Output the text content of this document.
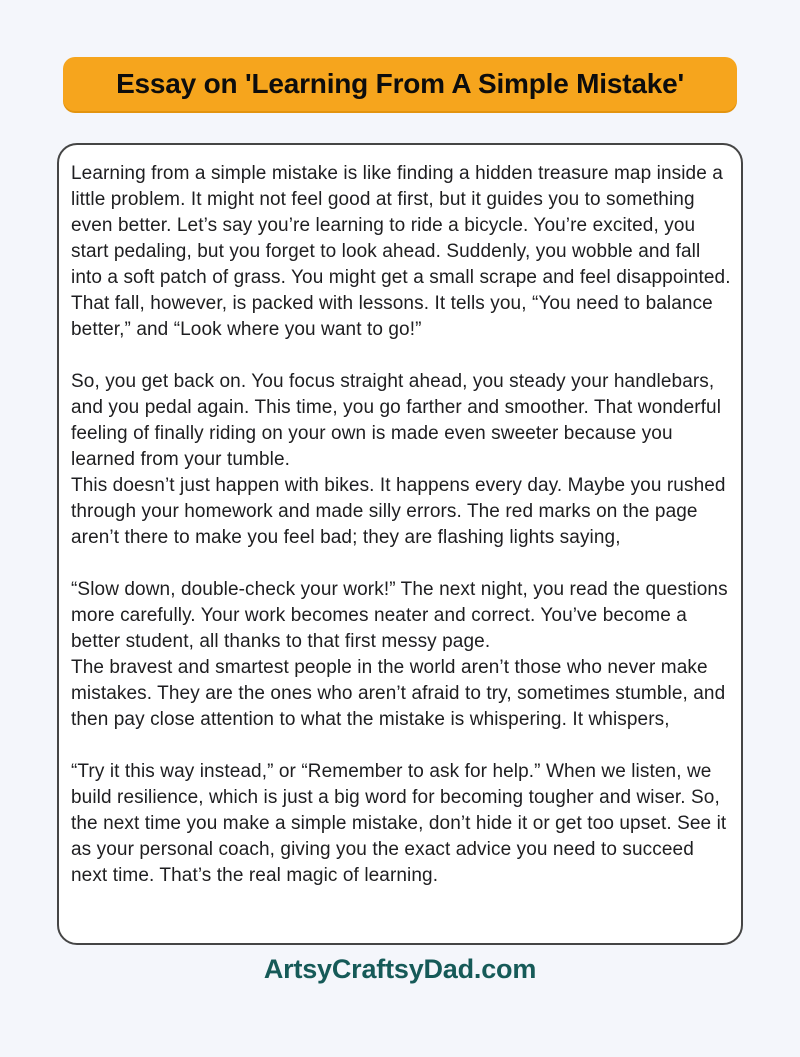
Essay on 'Learning From A Simple Mistake'

Learning from a simple mistake is like finding a hidden treasure map inside a little problem. It might not feel good at first, but it guides you to something even better. Let’s say you’re learning to ride a bicycle. You’re excited, you start pedaling, but you forget to look ahead. Suddenly, you wobble and fall into a soft patch of grass. You might get a small scrape and feel disappointed. That fall, however, is packed with lessons. It tells you, “You need to balance better,” and “Look where you want to go!”

So, you get back on. You focus straight ahead, you steady your handlebars, and you pedal again. This time, you go farther and smoother. That wonderful feeling of finally riding on your own is made even sweeter because you learned from your tumble.

This doesn’t just happen with bikes. It happens every day. Maybe you rushed through your homework and made silly errors. The red marks on the page aren’t there to make you feel bad; they are flashing lights saying,

“Slow down, double-check your work!” The next night, you read the questions more carefully. Your work becomes neater and correct. You’ve become a better student, all thanks to that first messy page.

The bravest and smartest people in the world aren’t those who never make mistakes. They are the ones who aren’t afraid to try, sometimes stumble, and then pay close attention to what the mistake is whispering. It whispers,

“Try it this way instead,” or “Remember to ask for help.” When we listen, we build resilience, which is just a big word for becoming tougher and wiser. So, the next time you make a simple mistake, don’t hide it or get too upset. See it as your personal coach, giving you the exact advice you need to succeed next time. That’s the real magic of learning.

ArtsyCraftsyDad.com
